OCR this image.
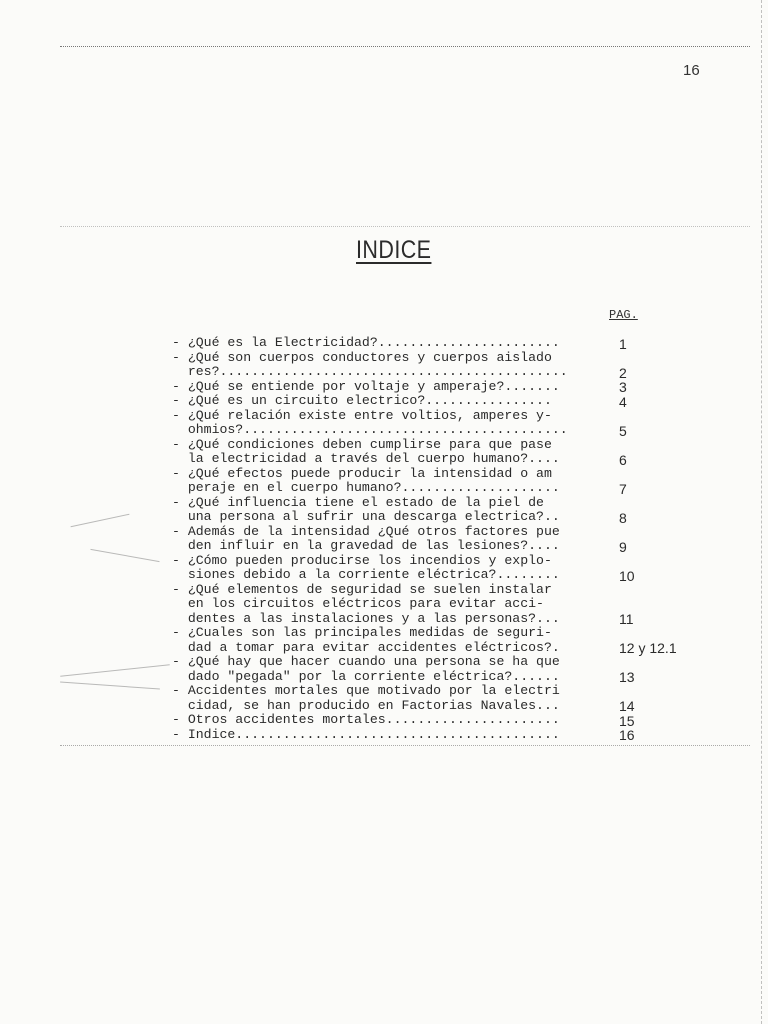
16
INDICE
PAG.
- ¿Qué es la Electricidad?.......................	1
- ¿Qué son cuerpos conductores y cuerpos aislado
res?............................................	2
- ¿Qué se entiende por voltaje y amperaje?.......	3
- ¿Qué es un circuito electrico?................	4
- ¿Qué relación existe entre voltios, amperes y-
ohmios?.........................................	5
- ¿Qué condiciones deben cumplirse para que pase
la electricidad a través del cuerpo humano?....	6
- ¿Qué efectos puede producir la intensidad o am
peraje en el cuerpo humano?....................	7
- ¿Qué influencia tiene el estado de la piel de
una persona al sufrir una descarga electrica?..	8
- Además de la intensidad ¿Qué otros factores pue
den influir en la gravedad de las lesiones?....	9
- ¿Cómo pueden producirse los incendios y explo-
siones debido a la corriente eléctrica?........	10
- ¿Qué elementos de seguridad se suelen instalar
en los circuitos eléctricos para evitar acci-
dentes a las instalaciones y a las personas?...	11
- ¿Cuales son las principales medidas de seguri-
dad a tomar para evitar accidentes eléctricos?.	12 y 12.1
- ¿Qué hay que hacer cuando una persona se ha que
dado "pegada" por la corriente eléctrica?......	13
- Accidentes mortales que motivado por la electri
cidad, se han producido en Factorias Navales...	14
- Otros accidentes mortales......................	15
- Indice.........................................	16
